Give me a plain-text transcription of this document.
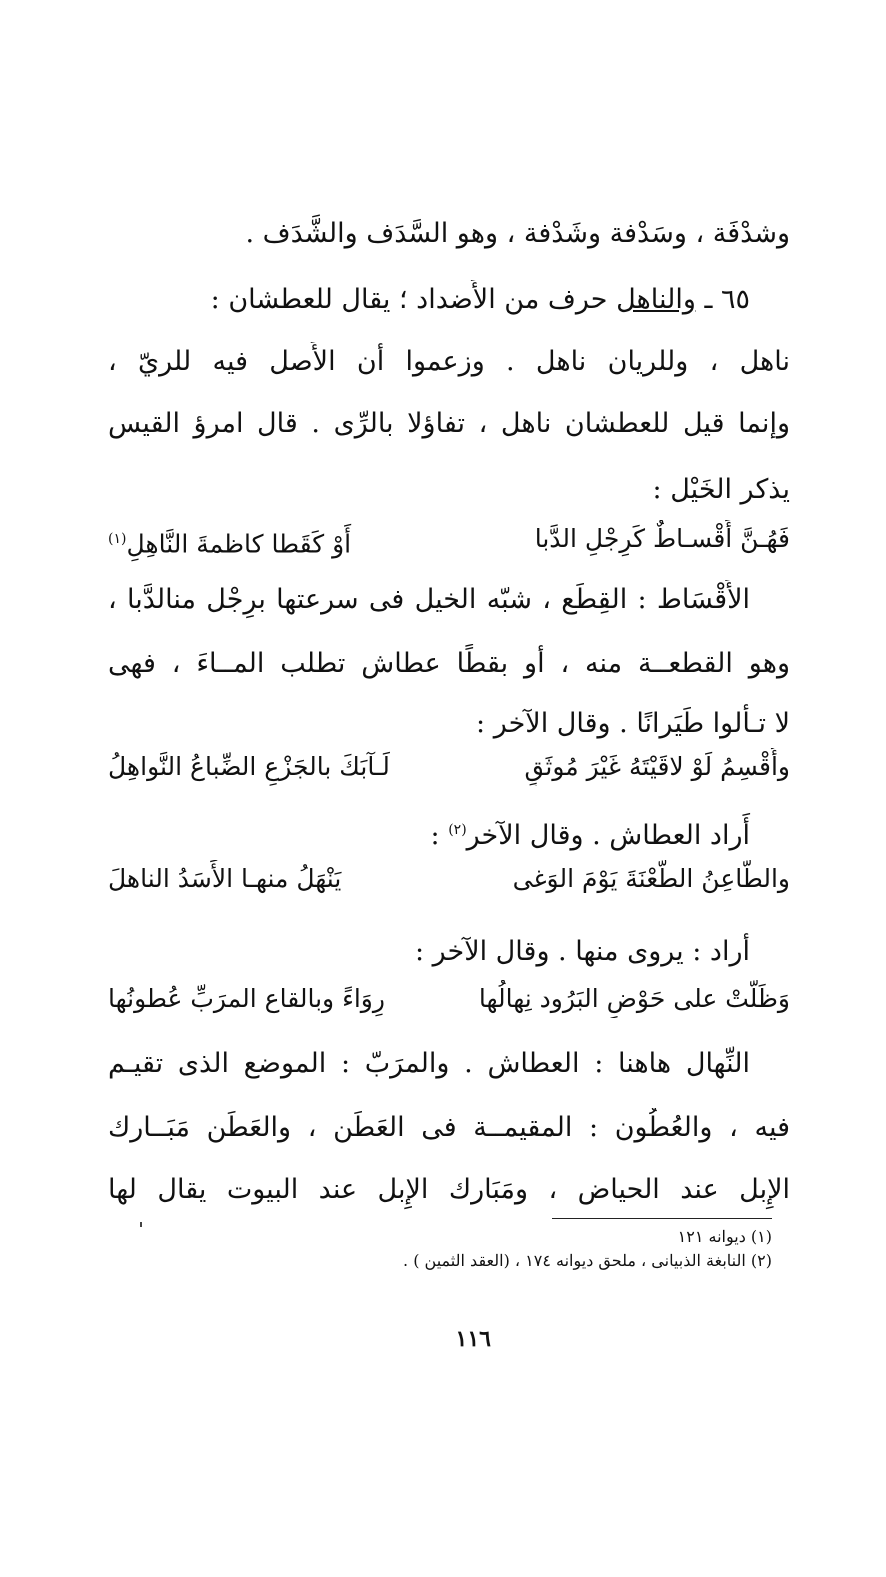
وشدْفَة ، وسَدْفة وشَدْفة ، وهو السَّدَف والشَّدَف .
٦٥ ـ والناهل حرف من الأَضداد ؛ يقال للعطشان :
ناهل ، وللريان ناهل . وزعموا أَن الأَصل فيه للريّ ،
وإنما قيل للعطشان ناهل ، تفاؤلا بالرِّى . قال امرؤ القيس
يذكر الخَيْل :
فَهُـنَّ أَقْسـاطٌ كَرِجْلِ الدَّبا
أَوْ كَقَطا كاظمةَ النَّاهِلِ$^{(١)}$
الأَقْسَاط : القِطَع ، شبّه الخيل فى سرعتها برِجْل منالدَّبا ،
وهو القطعــة منه ، أَو بقطًا عطاش تطلب المــاءَ ، فهى
لا تـأْلوا طَيَرانًا . وقال الآخر :
وأُقْسِمُ لَوْ لاقَيْتَهُ غَيْرَ مُوثَقٍ
لَـآبَكَ بالجَزْعِ الضِّباعُ النَّواهِلُ
أَراد العطاش . وقال الآخر$^{(٢)}$ :
والطَّاعِنُ الطَّعْنَةَ يَوْمَ الوَغى
يَنْهَلُ منهـا الأَسَدُ الناهلَ
أَراد : يروى منها . وقال الآخر :
وَظَلَّتْ على حَوْضِ البَرُود نِهالُها
رِوَاءً وبالقاع المرَبِّ عُطونُها
النِّهال هاهنا : العطاش . والمرَبّ : الموضع الذى تقيـم
فيه ، والعُطُون : المقيمــة فى العَطَن ، والعَطَن مَبَــارك
الإِبل عند الحياض ، ومَبَارك الإِبل عند البيوت يقال لها
(١) ديوانه ١٢١
(٢) النابغة الذبيانى ، ملحق ديوانه ١٧٤ ، (العقد الثمين ) .
١١٦
